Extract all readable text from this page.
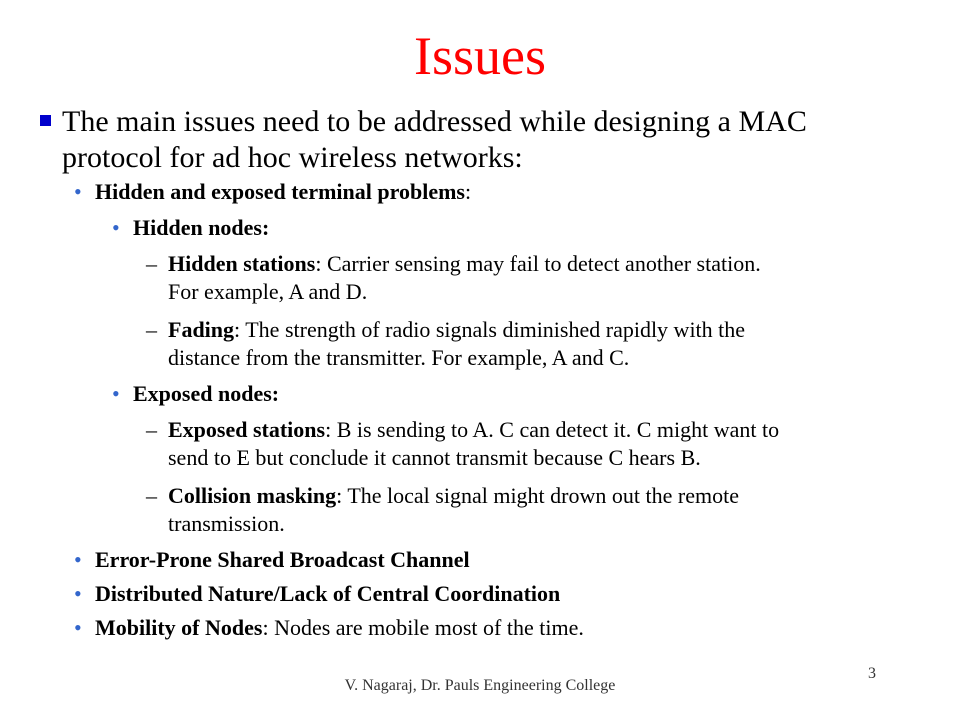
Issues
The main issues need to be addressed while designing a MAC
protocol for ad hoc wireless networks:
• Hidden and exposed terminal problems:
• Hidden nodes:
– Hidden stations: Carrier sensing may fail to detect another station.
For example, A and D.
– Fading: The strength of radio signals diminished rapidly with the
distance from the transmitter. For example, A and C.
• Exposed nodes:
– Exposed stations: B is sending to A. C can detect it. C might want to
send to E but conclude it cannot transmit because C hears B.
– Collision masking: The local signal might drown out the remote
transmission.
• Error-Prone Shared Broadcast Channel
• Distributed Nature/Lack of Central Coordination
• Mobility of Nodes: Nodes are mobile most of the time.
V. Nagaraj, Dr. Pauls Engineering College
3
